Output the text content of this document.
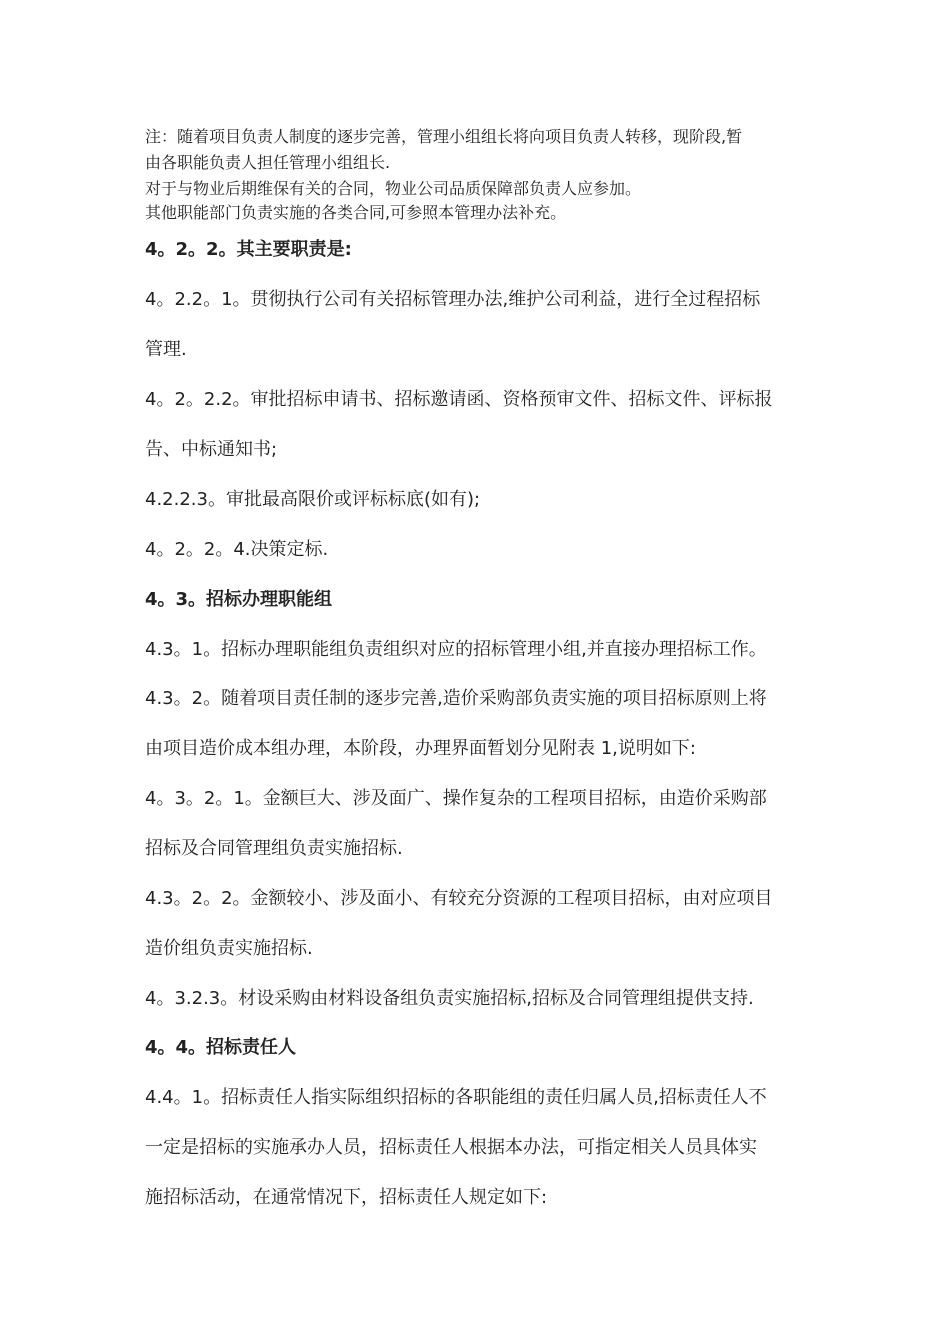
注：随着项目负责人制度的逐步完善，管理小组组长将向项目负责人转移，现阶段,暂
由各职能负责人担任管理小组组长.
对于与物业后期维保有关的合同，物业公司品质保障部负责人应参加。
其他职能部门负责实施的各类合同,可参照本管理办法补充。
4。2。2。其主要职责是:
4。2.2。1。贯彻执行公司有关招标管理办法,维护公司利益，进行全过程招标
管理.
4。2。2.2。审批招标申请书、招标邀请函、资格预审文件、招标文件、评标报
告、中标通知书;
4.2.2.3。审批最高限价或评标标底(如有);
4。2。2。4.决策定标.
4。3。招标办理职能组
4.3。1。招标办理职能组负责组织对应的招标管理小组,并直接办理招标工作。
4.3。2。随着项目责任制的逐步完善,造价采购部负责实施的项目招标原则上将
由项目造价成本组办理，本阶段，办理界面暂划分见附表 1,说明如下:
4。3。2。1。金额巨大、涉及面广、操作复杂的工程项目招标，由造价采购部
招标及合同管理组负责实施招标.
4.3。2。2。金额较小、涉及面小、有较充分资源的工程项目招标，由对应项目
造价组负责实施招标.
4。3.2.3。材设采购由材料设备组负责实施招标,招标及合同管理组提供支持.
4。4。招标责任人
4.4。1。招标责任人指实际组织招标的各职能组的责任归属人员,招标责任人不
一定是招标的实施承办人员，招标责任人根据本办法，可指定相关人员具体实
施招标活动，在通常情况下，招标责任人规定如下:
